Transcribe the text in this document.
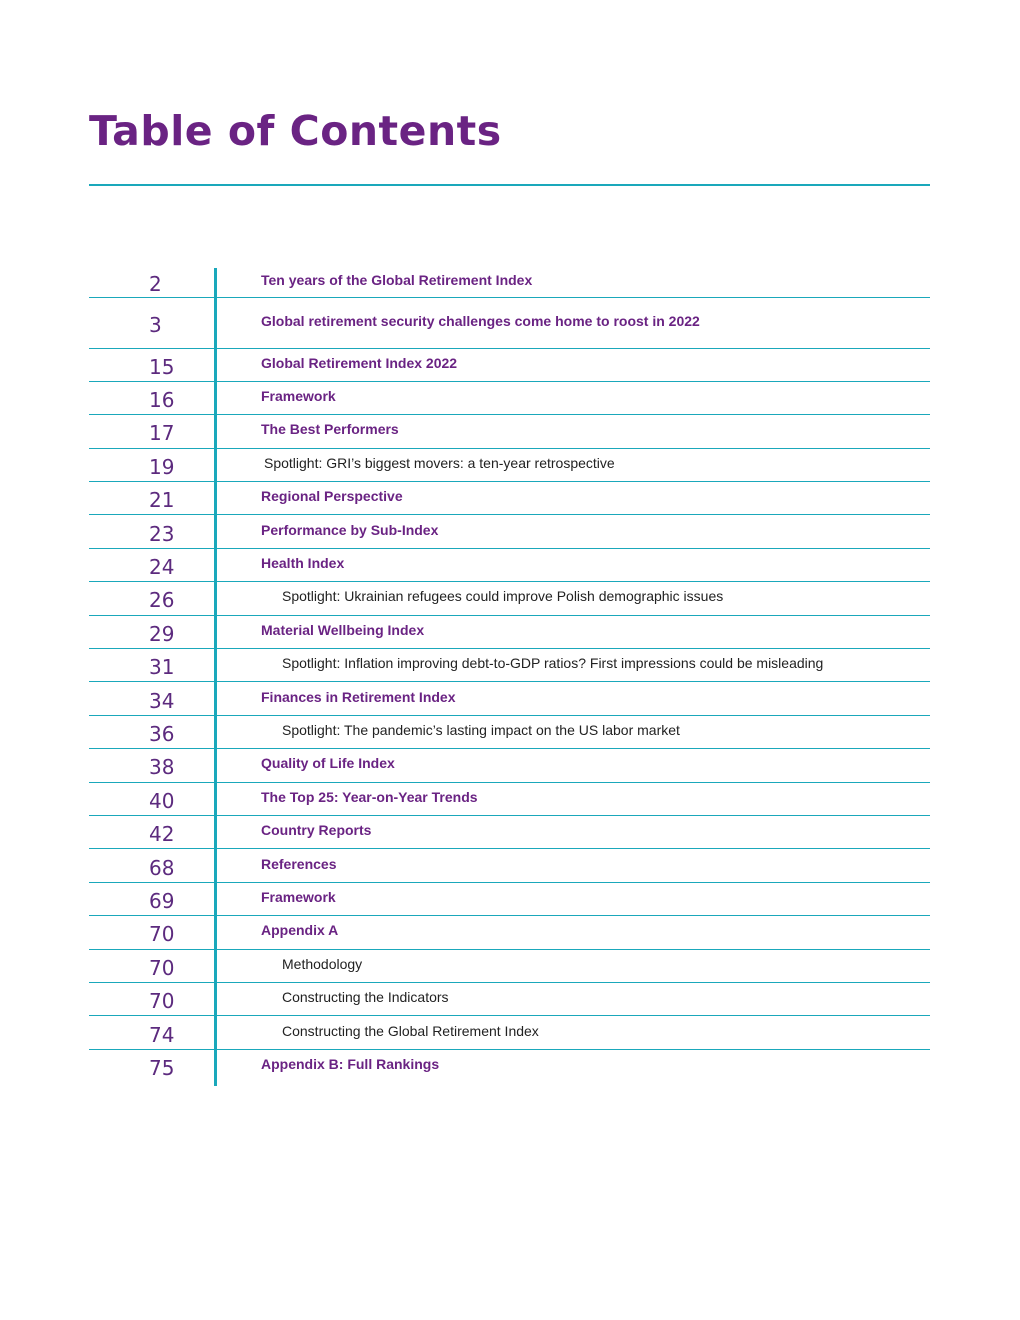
Table of Contents
2	Ten years of the Global Retirement Index
3	Global retirement security challenges come home to roost in 2022
15	Global Retirement Index 2022
16	Framework
17	The Best Performers
19	Spotlight: GRI’s biggest movers: a ten-year retrospective
21	Regional Perspective
23	Performance by Sub-Index
24	Health Index
26	Spotlight: Ukrainian refugees could improve Polish demographic issues
29	Material Wellbeing Index
31	Spotlight: Inflation improving debt-to-GDP ratios? First impressions could be misleading
34	Finances in Retirement Index
36	Spotlight: The pandemic’s lasting impact on the US labor market
38	Quality of Life Index
40	The Top 25: Year-on-Year Trends
42	Country Reports
68	References
69	Framework
70	Appendix A
70	Methodology
70	Constructing the Indicators
74	Constructing the Global Retirement Index
75	Appendix B: Full Rankings
